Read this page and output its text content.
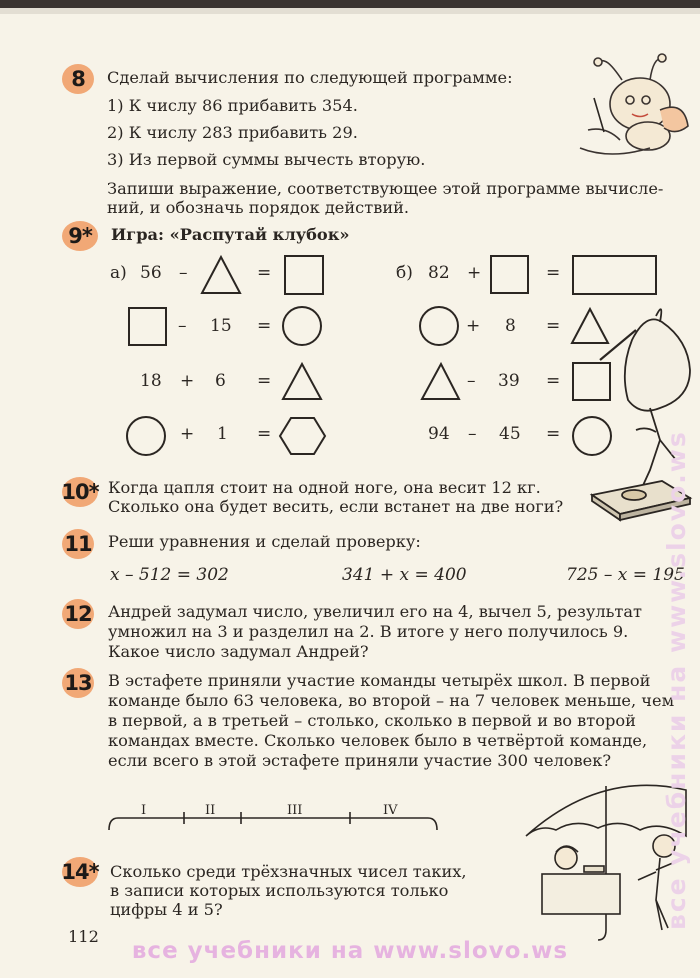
8	Сделай вычисления по следующей программе:
1) К числу 86 прибавить 354.
2) К числу 283 прибавить 29.
3) Из первой суммы вычесть вторую.
Запиши выражение, соответствующее этой программе вычисле-
ний, и обозначь порядок действий.
9*	Игра: «Распутай клубок»
а) 56 –	=
– 15 =
18 + 6 =
+ 1 =
б) 82 +	=
+ 8 =
– 39 =
94 – 45 =
10* Когда цапля стоит на одной ноге, она весит 12 кг.
Сколько она будет весить, если встанет на две ноги?
11 Реши уравнения и сделай проверку:
x – 512 = 302	341 + x = 400	725 – x = 195
12 Андрей задумал число, увеличил его на 4, вычел 5, результат
умножил на 3 и разделил на 2. В итоге у него получилось 9.
Какое число задумал Андрей?
13 В эстафете приняли участие команды четырёх школ. В первой
команде было 63 человека, во второй – на 7 человек меньше, чем
в первой, а в третьей – столько, сколько в первой и во второй
командах вместе. Сколько человек было в четвёртой команде,
если всего в этой эстафете приняли участие 300 человек?
I	II	III	IV
14* Сколько среди трёхзначных чисел таких,
в записи которых используются только
цифры 4 и 5?
112
все учебники на www.slovo.ws
все учебники на www.slovo.ws
